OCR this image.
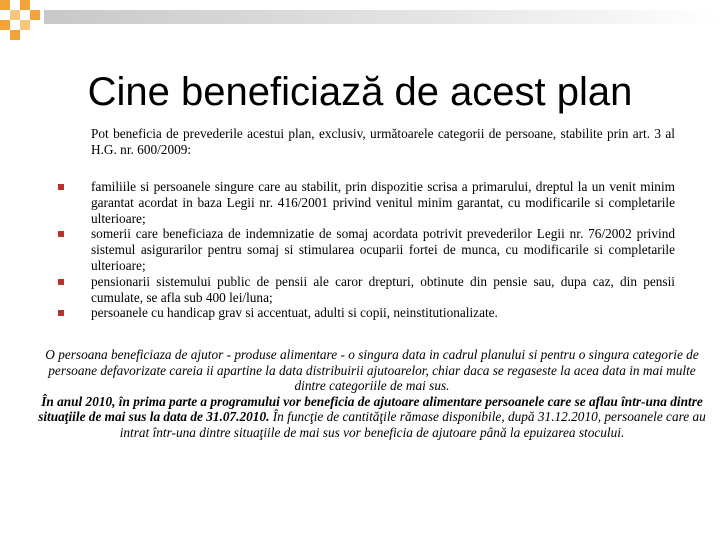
Cine beneficiază de acest plan
Pot beneficia de prevederile acestui plan, exclusiv, următoarele categorii de persoane, stabilite prin art. 3 al H.G. nr. 600/2009:
familiile si persoanele singure care au stabilit, prin dispozitie scrisa a primarului, dreptul la un venit minim garantat acordat in baza Legii nr. 416/2001 privind venitul minim garantat, cu modificarile si completarile ulterioare;
somerii care beneficiaza de indemnizatie de somaj acordata potrivit prevederilor Legii nr. 76/2002 privind sistemul asigurarilor pentru somaj si stimularea ocuparii fortei de munca, cu modificarile si completarile ulterioare;
pensionarii sistemului public de pensii ale caror drepturi, obtinute din pensie sau, dupa caz, din pensii cumulate, se afla sub 400 lei/luna;
persoanele cu handicap grav si accentuat, adulti si copii, neinstitutionalizate.
O persoana beneficiaza de ajutor - produse alimentare - o singura data in cadrul planului si pentru o singura categorie de persoane defavorizate careia ii apartine la data distribuirii ajutoarelor, chiar daca se regaseste la acea data in mai multe dintre categoriile de mai sus.
În anul 2010, în prima parte a programului vor beneficia de ajutoare alimentare persoanele care se aflau într-una dintre situaţiile de mai sus la data de 31.07.2010. În funcţie de cantităţile rămase disponibile, după 31.12.2010, persoanele care au intrat într-una dintre situaţiile de mai sus vor beneficia de ajutoare până la epuizarea stocului.
